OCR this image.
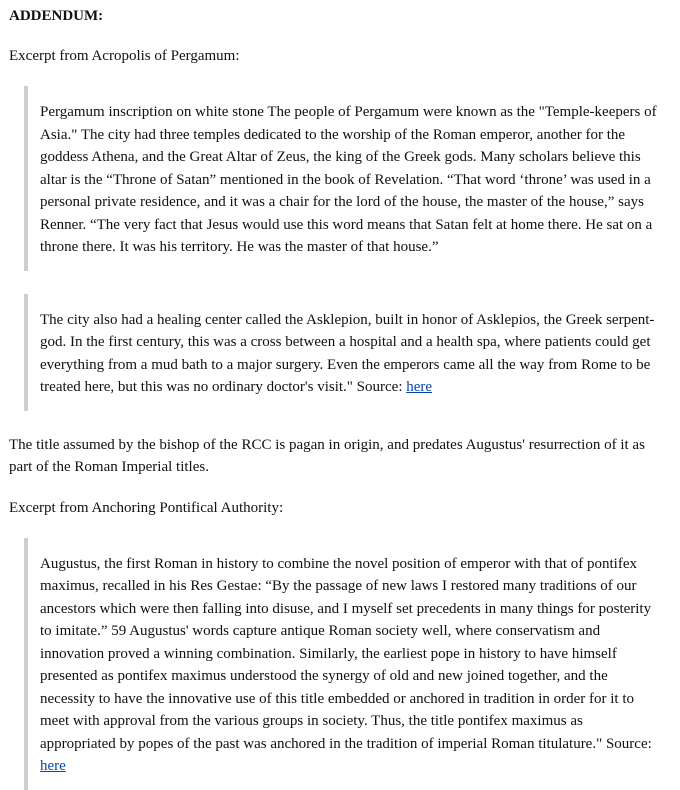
ADDENDUM:
Excerpt from Acropolis of Pergamum:

Pergamum inscription on white stone The people of Pergamum were known as the "Temple-keepers of Asia." The city had three temples dedicated to the worship of the Roman emperor, another for the goddess Athena, and the Great Altar of Zeus, the king of the Greek gods. Many scholars believe this altar is the “Throne of Satan” mentioned in the book of Revelation. “That word ‘throne’ was used in a personal private residence, and it was a chair for the lord of the house, the master of the house,” says Renner. “The very fact that Jesus would use this word means that Satan felt at home there. He sat on a throne there. It was his territory. He was the master of that house.”

The city also had a healing center called the Asklepion, built in honor of Asklepios, the Greek serpent-god. In the first century, this was a cross between a hospital and a health spa, where patients could get everything from a mud bath to a major surgery. Even the emperors came all the way from Rome to be treated here, but this was no ordinary doctor's visit." Source: here

The title assumed by the bishop of the RCC is pagan in origin, and predates Augustus' resurrection of it as part of the Roman Imperial titles.
Excerpt from Anchoring Pontifical Authority:

Augustus, the first Roman in history to combine the novel position of emperor with that of pontifex maximus, recalled in his Res Gestae: “By the passage of new laws I restored many traditions of our ancestors which were then falling into disuse, and I myself set precedents in many things for posterity to imitate.” 59 Augustus' words capture antique Roman society well, where conservatism and innovation proved a winning combination. Similarly, the earliest pope in history to have himself presented as pontifex maximus understood the synergy of old and new joined together, and the necessity to have the innovative use of this title embedded or anchored in tradition in order for it to meet with approval from the various groups in society. Thus, the title pontifex maximus as appropriated by popes of the past was anchored in the tradition of imperial Roman titulature." Source: here
